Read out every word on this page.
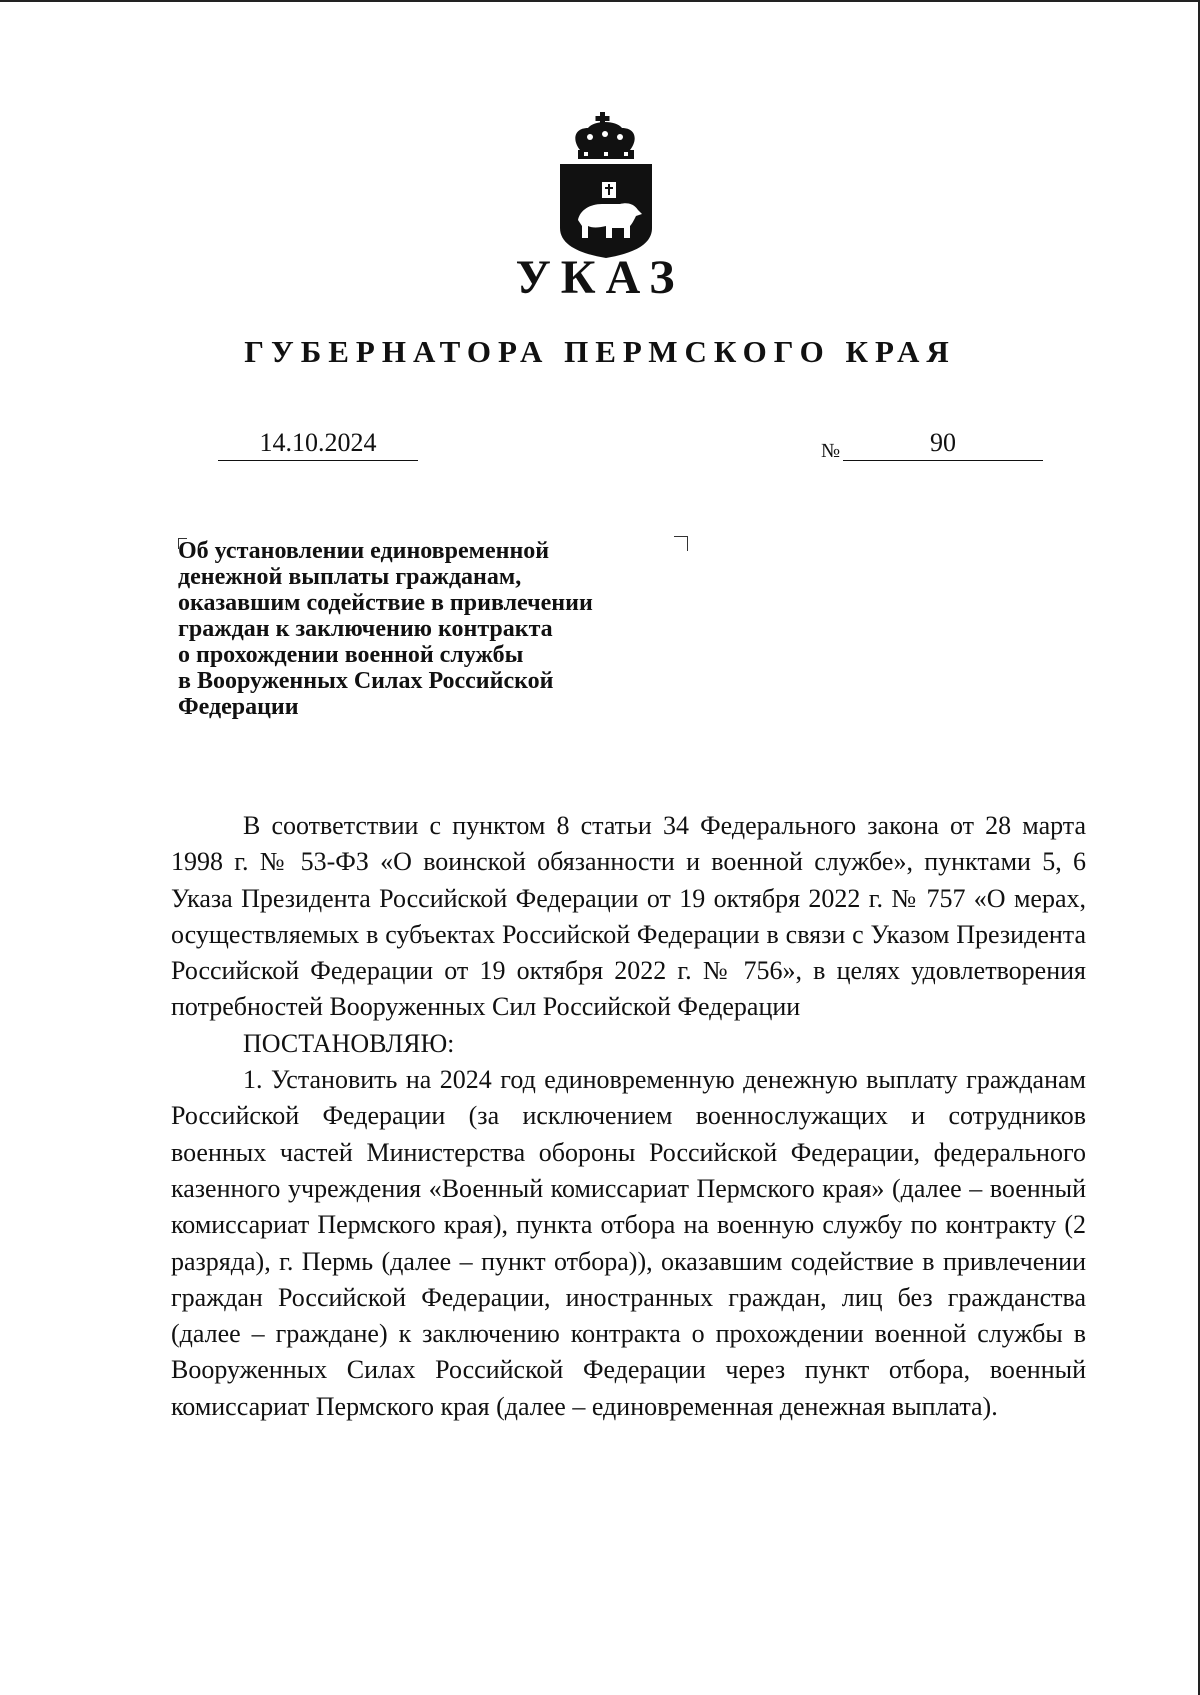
УКАЗ
ГУБЕРНАТОРА ПЕРМСКОГО КРАЯ
14.10.2024	№	90
Об установлении единовременной
денежной выплаты гражданам,
оказавшим содействие в привлечении
граждан к заключению контракта
о прохождении военной службы
в Вооруженных Силах Российской
Федерации

В соответствии с пунктом 8 статьи 34 Федерального закона от 28 марта 1998 г. № 53-ФЗ «О воинской обязанности и военной службе», пунктами 5, 6 Указа Президента Российской Федерации от 19 октября 2022 г. № 757 «О мерах, осуществляемых в субъектах Российской Федерации в связи с Указом Президента Российской Федерации от 19 октября 2022 г. № 756», в целях удовлетворения потребностей Вооруженных Сил Российской Федерации

ПОСТАНОВЛЯЮ:

1. Установить на 2024 год единовременную денежную выплату гражданам Российской Федерации (за исключением военнослужащих и сотрудников военных частей Министерства обороны Российской Федерации, федерального казенного учреждения «Военный комиссариат Пермского края» (далее – военный комиссариат Пермского края), пункта отбора на военную службу по контракту (2 разряда), г. Пермь (далее – пункт отбора)), оказавшим содействие в привлечении граждан Российской Федерации, иностранных граждан, лиц без гражданства (далее – граждане) к заключению контракта о прохождении военной службы в Вооруженных Силах Российской Федерации через пункт отбора, военный комиссариат Пермского края (далее – единовременная денежная выплата).
